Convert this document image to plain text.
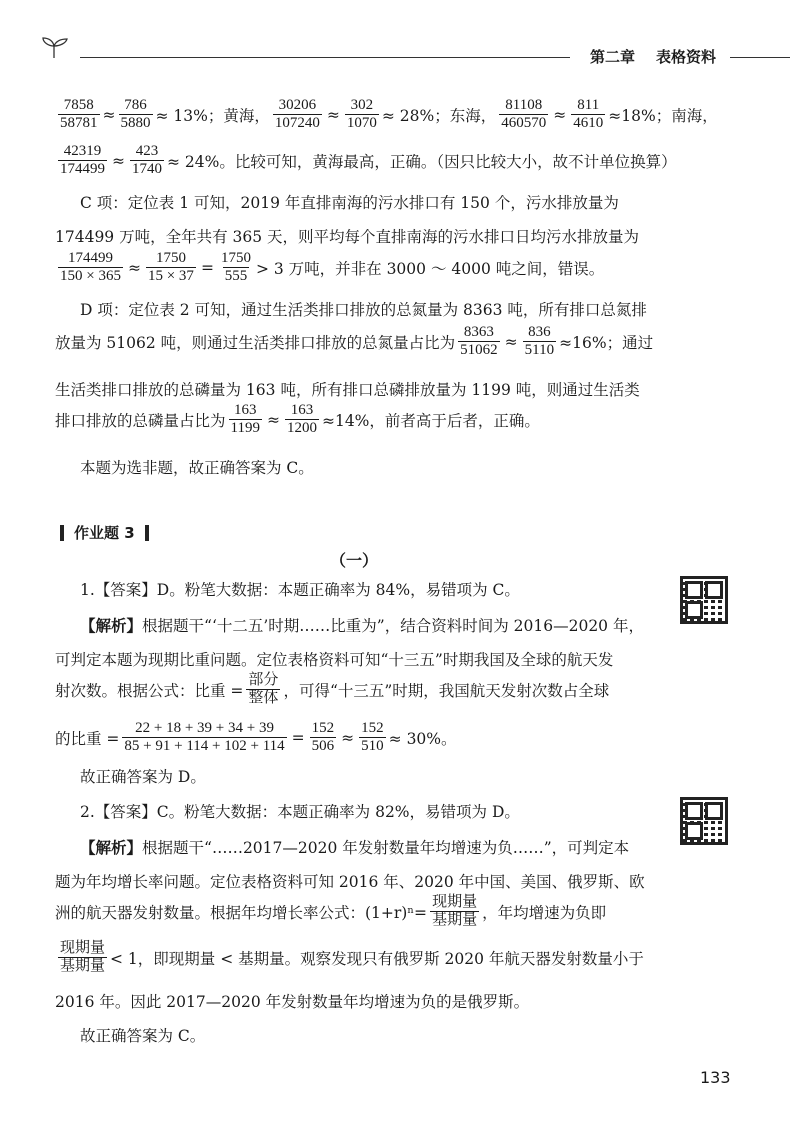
第二章 表格资料
$\frac{7858}{58781} \approx \frac{786}{5880} \approx 13\%$；黄海， $\frac{30206}{107240} \approx \frac{302}{1070} \approx 28\%$；东海， $\frac{81108}{460570} \approx \frac{811}{4610} \approx 18\%$；南海，
$\frac{42319}{174499} \approx \frac{423}{1740} \approx 24\%$。比较可知，黄海最高，正确。（因只比较大小，故不计单位换算）
C 项：定位表 1 可知，2019 年直排南海的污水排口有 150 个，污水排放量为
174499 万吨，全年共有 365 天，则平均每个直排南海的污水排口日均污水排放量为
$\frac{174499}{150 \times 365} \approx \frac{1750}{15 \times 37} = \frac{1750}{555} > 3$ 万吨，并非在 3000 ～ 4000 吨之间，错误。
D 项：定位表 2 可知，通过生活类排口排放的总氮量为 8363 吨，所有排口总氮排
放量为 51062 吨，则通过生活类排口排放的总氮量占比为 $\frac{8363}{51062} \approx \frac{836}{5110} \approx 16\%$；通过
生活类排口排放的总磷量为 163 吨，所有排口总磷排放量为 1199 吨，则通过生活类
排口排放的总磷量占比为 $\frac{163}{1199} \approx \frac{163}{1200} \approx 14\%$，前者高于后者，正确。
本题为选非题，故正确答案为 C。
作业题 3
（一）
1.【答案】D。粉笔大数据：本题正确率为 84%，易错项为 C。
【解析】 根据题干“‘十二五’时期……比重为”，结合资料时间为 2016—2020 年，
可判定本题为现期比重问题。定位表格资料可知“十三五”时期我国及全球的航天发
射次数。根据公式：比重 = $\frac{\text{部分}}{\text{整体}}$ ，可得“十三五”时期，我国航天发射次数占全球
的比重 = $\frac{22 + 18 + 39 + 34 + 39}{85 + 91 + 114 + 102 + 114} = \frac{152}{506} \approx \frac{152}{510} \approx 30\%$。
故正确答案为 D。
2.【答案】C。粉笔大数据：本题正确率为 82%，易错项为 D。
【解析】 根据题干“……2017—2020 年发射数量年均增速为负……”，可判定本
题为年均增长率问题。定位表格资料可知 2016 年、2020 年中国、美国、俄罗斯、欧
洲的航天器发射数量。根据年均增长率公式：$(1+r)^n= \frac{\text{现期量}}{\text{基期量}}$ ，年均增速为负即
$\frac{\text{现期量}}{\text{基期量}} < 1$，即现期量 < 基期量。观察发现只有俄罗斯 2020 年航天器发射数量小于
2016 年。因此 2017—2020 年发射数量年均增速为负的是俄罗斯。
故正确答案为 C。
133
